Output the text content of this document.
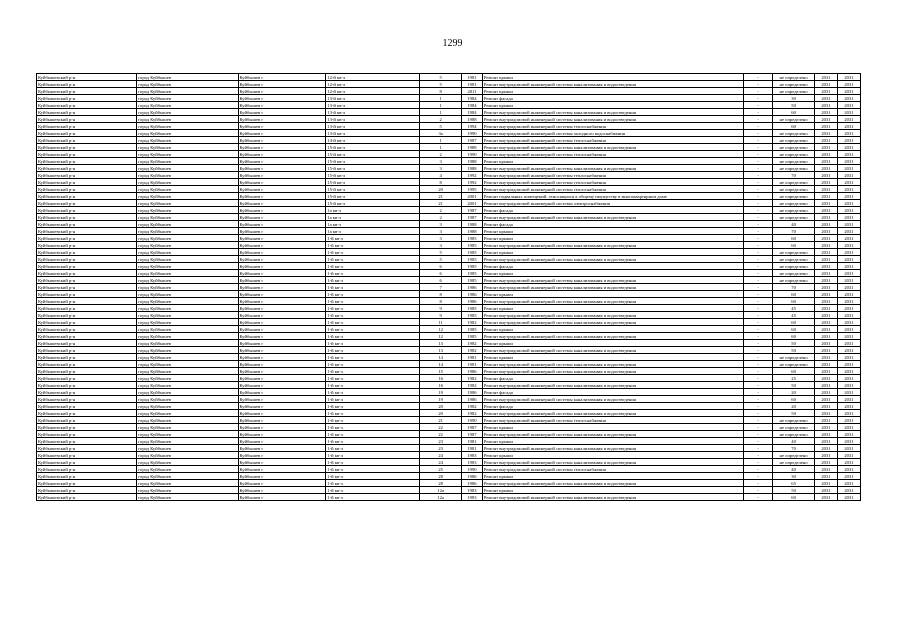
1299
Куйбышевский р-н	город Куйбышев	Куйбышев г	12-й кв-л	5	1981	Ремонт крыши	-	не определено	2031	2031
Куйбышевский р-н	город Куйбышев	Куйбышев г	12-й кв-л	5	1981	Ремонт внутридомовой инженерной системы канализования и водоотведения	-	не определено	2031	2031
Куйбышевский р-н	город Куйбышев	Куйбышев г	12-й кв-л	8	2011	Ремонт крыши	-	не определено	2031	2031
Куйбышевский р-н	город Куйбышев	Куйбышев г	13-й кв-л	1	1984	Ремонт фасада	-	30	2031	2031
Куйбышевский р-н	город Куйбышев	Куйбышев г	13-й кв-л	1	1984	Ремонт крыши	-	50	2031	2031
Куйбышевский р-н	город Куйбышев	Куйбышев г	13-й кв-л	1	1984	Ремонт внутридомовой инженерной системы канализования и водоотведения	-	60	2031	2031
Куйбышевский р-н	город Куйбышев	Куйбышев г	13-й кв-л	2	1988	Ремонт внутридомовой инженерной системы канализования и водоотведения	-	не определено	2031	2031
Куйбышевский р-н	город Куйбышев	Куйбышев г	13-й кв-л	5	1994	Ремонт внутридомовой инженерной системы теплоснабжения	-	60	2031	2031
Куйбышевский р-н	город Куйбышев	Куйбышев г	13-й кв-л	3а	1990	Ремонт внутридомовой инженерной системы холодного водоснабжения	-	не определено	2031	2031
Куйбышевский р-н	город Куйбышев	Куйбышев г	14-й кв-л	1	1987	Ремонт внутридомовой инженерной системы теплоснабжения	-	не определено	2031	2031
Куйбышевский р-н	город Куйбышев	Куйбышев г	15-й кв-л	1	1988	Ремонт внутридомовой инженерной системы канализования и водоотведения	-	не определено	2031	2031
Куйбышевский р-н	город Куйбышев	Куйбышев г	15-й кв-л	2	1990	Ремонт внутридомовой инженерной системы теплоснабжения	-	не определено	2031	2031
Куйбышевский р-н	город Куйбышев	Куйбышев г	15-й кв-л	3	1988	Ремонт крыши	-	не определено	2031	2031
Куйбышевский р-н	город Куйбышев	Куйбышев г	15-й кв-л	3	1988	Ремонт внутридомовой инженерной системы канализования и водоотведения	-	не определено	2031	2031
Куйбышевский р-н	город Куйбышев	Куйбышев г	15-й кв-л	4	1992	Ремонт внутридомовой инженерной системы теплоснабжения	-	70	2031	2031
Куйбышевский р-н	город Куйбышев	Куйбышев г	15-й кв-л	8	1992	Ремонт внутридомовой инженерной системы теплоснабжения	-	не определено	2031	2031
Куйбышевский р-н	город Куйбышев	Куйбышев г	15-й кв-л	20	1995	Ремонт внутридомовой инженерной системы теплоснабжения	-	не определено	2031	2031
Куйбышевский р-н	город Куйбышев	Куйбышев г	15-й кв-л	21	2001	Ремонт подвальных помещений, относящихся к общему имуществу в многоквартирном доме	-	не определено	2031	2031
Куйбышевский р-н	город Куйбышев	Куйбышев г	15-й кв-л	21	2001	Ремонт внутридомовой инженерной системы электроснабжения	-	не определено	2031	2031
Куйбышевский р-н	город Куйбышев	Куйбышев г	1а кв-л	2	1987	Ремонт фасада	-	не определено	2031	2031
Куйбышевский р-н	город Куйбышев	Куйбышев г	1а кв-л	2	1987	Ремонт внутридомовой инженерной системы канализования и водоотведения	-	не определено	2031	2031
Куйбышевский р-н	город Куйбышев	Куйбышев г	1а кв-л	3	1988	Ремонт фасада	-	40	2031	2031
Куйбышевский р-н	город Куйбышев	Куйбышев г	1а кв-л	3	1988	Ремонт крыши	-	70	2031	2031
Куйбышевский р-н	город Куйбышев	Куйбышев г	1-й кв-л	3	1985	Ремонт крыши	-	60	2031	2031
Куйбышевский р-н	город Куйбышев	Куйбышев г	1-й кв-л	3	1985	Ремонт внутридомовой инженерной системы канализования и водоотведения	-	60	2031	2031
Куйбышевский р-н	город Куйбышев	Куйбышев г	1-й кв-л	5	1985	Ремонт крыши	-	не определено	2031	2031
Куйбышевский р-н	город Куйбышев	Куйбышев г	1-й кв-л	5	1985	Ремонт внутридомовой инженерной системы канализования и водоотведения	-	не определено	2031	2031
Куйбышевский р-н	город Куйбышев	Куйбышев г	1-й кв-л	6	1985	Ремонт фасада	-	не определено	2031	2031
Куйбышевский р-н	город Куйбышев	Куйбышев г	1-й кв-л	6	1985	Ремонт крыши	-	не определено	2031	2031
Куйбышевский р-н	город Куйбышев	Куйбышев г	1-й кв-л	6	1985	Ремонт внутридомовой инженерной системы канализования и водоотведения	-	не определено	2031	2031
Куйбышевский р-н	город Куйбышев	Куйбышев г	1-й кв-л	7	1986	Ремонт внутридомовой инженерной системы канализования и водоотведения	-	70	2031	2031
Куйбышевский р-н	город Куйбышев	Куйбышев г	1-й кв-л	8	1986	Ремонт крыши	-	60	2031	2031
Куйбышевский р-н	город Куйбышев	Куйбышев г	1-й кв-л	8	1986	Ремонт внутридомовой инженерной системы канализования и водоотведения	-	60	2031	2031
Куйбышевский р-н	город Куйбышев	Куйбышев г	1-й кв-л	9	1985	Ремонт крыши	-	45	2031	2031
Куйбышевский р-н	город Куйбышев	Куйбышев г	1-й кв-л	9	1985	Ремонт внутридомовой инженерной системы канализования и водоотведения	-	45	2031	2031
Куйбышевский р-н	город Куйбышев	Куйбышев г	1-й кв-л	11	1982	Ремонт внутридомовой инженерной системы канализования и водоотведения	-	60	2031	2031
Куйбышевский р-н	город Куйбышев	Куйбышев г	1-й кв-л	12	1985	Ремонт крыши	-	60	2031	2031
Куйбышевский р-н	город Куйбышев	Куйбышев г	1-й кв-л	12	1985	Ремонт внутридомовой инженерной системы канализования и водоотведения	-	60	2031	2031
Куйбышевский р-н	город Куйбышев	Куйбышев г	1-й кв-л	13	1982	Ремонт крыши	-	50	2031	2031
Куйбышевский р-н	город Куйбышев	Куйбышев г	1-й кв-л	13	1982	Ремонт внутридомовой инженерной системы канализования и водоотведения	-	50	2031	2031
Куйбышевский р-н	город Куйбышев	Куйбышев г	1-й кв-л	14	1981	Ремонт крыши	-	не определено	2031	2031
Куйбышевский р-н	город Куйбышев	Куйбышев г	1-й кв-л	14	1981	Ремонт внутридомовой инженерной системы канализования и водоотведения	-	не определено	2031	2031
Куйбышевский р-н	город Куйбышев	Куйбышев г	1-й кв-л	15	1986	Ремонт внутридомовой инженерной системы канализования и водоотведения	-	60	2031	2031
Куйбышевский р-н	город Куйбышев	Куйбышев г	1-й кв-л	16	1982	Ремонт фасада	-	25	2031	2031
Куйбышевский р-н	город Куйбышев	Куйбышев г	1-й кв-л	16	1982	Ремонт внутридомовой инженерной системы канализования и водоотведения	-	50	2031	2031
Куйбышевский р-н	город Куйбышев	Куйбышев г	1-й кв-л	19	1986	Ремонт фасада	-	20	2031	2031
Куйбышевский р-н	город Куйбышев	Куйбышев г	1-й кв-л	19	1986	Ремонт внутридомовой инженерной системы канализования и водоотведения	-	60	2031	2031
Куйбышевский р-н	город Куйбышев	Куйбышев г	1-й кв-л	20	1982	Ремонт фасада	-	20	2031	2031
Куйбышевский р-н	город Куйбышев	Куйбышев г	1-й кв-л	20	1982	Ремонт внутридомовой инженерной системы канализования и водоотведения	-	50	2031	2031
Куйбышевский р-н	город Куйбышев	Куйбышев г	1-й кв-л	21	1990	Ремонт внутридомовой инженерной системы теплоснабжения	-	не определено	2031	2031
Куйбышевский р-н	город Куйбышев	Куйбышев г	1-й кв-л	22	1987	Ремонт крыши	-	не определено	2031	2031
Куйбышевский р-н	город Куйбышев	Куйбышев г	1-й кв-л	22	1987	Ремонт внутридомовой инженерной системы канализования и водоотведения	-	не определено	2031	2031
Куйбышевский р-н	город Куйбышев	Куйбышев г	1-й кв-л	23	1981	Ремонт крыши	-	40	2031	2031
Куйбышевский р-н	город Куйбышев	Куйбышев г	1-й кв-л	23	1981	Ремонт внутридомовой инженерной системы канализования и водоотведения	-	70	2031	2031
Куйбышевский р-н	город Куйбышев	Куйбышев г	1-й кв-л	24	1983	Ремонт крыши	-	не определено	2031	2031
Куйбышевский р-н	город Куйбышев	Куйбышев г	1-й кв-л	24	1983	Ремонт внутридомовой инженерной системы канализования и водоотведения	-	не определено	2031	2031
Куйбышевский р-н	город Куйбышев	Куйбышев г	1-й кв-л	25	1990	Ремонт внутридомовой инженерной системы теплоснабжения	-	40	2031	2031
Куйбышевский р-н	город Куйбышев	Куйбышев г	1-й кв-л	28	1986	Ремонт крыши	-	30	2031	2031
Куйбышевский р-н	город Куйбышев	Куйбышев г	1-й кв-л	28	1986	Ремонт внутридомовой инженерной системы канализования и водоотведения	-	65	2031	2031
Куйбышевский р-н	город Куйбышев	Куйбышев г	1-й кв-л	12а	1983	Ремонт крыши	-	50	2031	2031
Куйбышевский р-н	город Куйбышев	Куйбышев г	1-й кв-л	12а	1983	Ремонт внутридомовой инженерной системы канализования и водоотведения	-	60	2031	2031
